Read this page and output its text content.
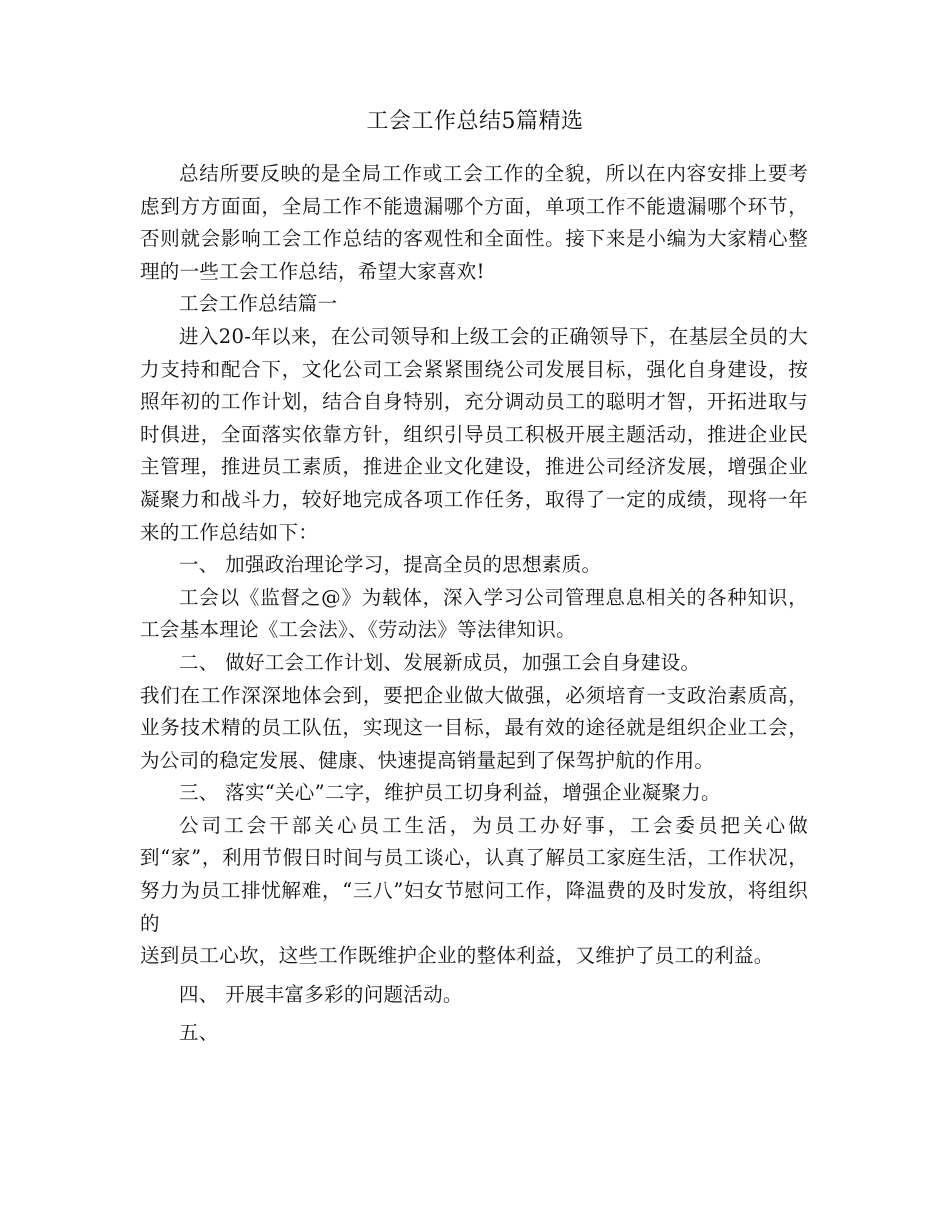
工会工作总结5篇精选

总结所要反映的是全局工作或工会工作的全貌，所以在内容安排上要考虑到方方面面，全局工作不能遗漏哪个方面，单项工作不能遗漏哪个环节，否则就会影响工会工作总结的客观性和全面性。接下来是小编为大家精心整理的一些工会工作总结，希望大家喜欢!

工会工作总结篇一

进入20-年以来，在公司领导和上级工会的正确领导下，在基层全员的大力支持和配合下，文化公司工会紧紧围绕公司发展目标，强化自身建设，按照年初的工作计划，结合自身特别，充分调动员工的聪明才智，开拓进取与时俱进，全面落实依靠方针，组织引导员工积极开展主题活动，推进企业民主管理，推进员工素质，推进企业文化建设，推进公司经济发展，增强企业凝聚力和战斗力，较好地完成各项工作任务，取得了一定的成绩，现将一年来的工作总结如下：

一、 加强政治理论学习，提高全员的思想素质。

工会以《监督之@》为载体，深入学习公司管理息息相关的各种知识，工会基本理论《工会法》、《劳动法》等法律知识。

二、 做好工会工作计划、发展新成员，加强工会自身建设。

我们在工作深深地体会到，要把企业做大做强，必须培育一支政治素质高，业务技术精的员工队伍，实现这一目标，最有效的途径就是组织企业工会，为公司的稳定发展、健康、快速提高销量起到了保驾护航的作用。

三、 落实“关心”二字，维护员工切身利益，增强企业凝聚力。

公司工会干部关心员工生活，为员工办好事，工会委员把关心做到“家”，利用节假日时间与员工谈心，认真了解员工家庭生活，工作状况，努力为员工排忧解难，“三八”妇女节慰问工作，降温费的及时发放，将组织的

送到员工心坎，这些工作既维护企业的整体利益，又维护了员工的利益。

四、 开展丰富多彩的问题活动。

五、
